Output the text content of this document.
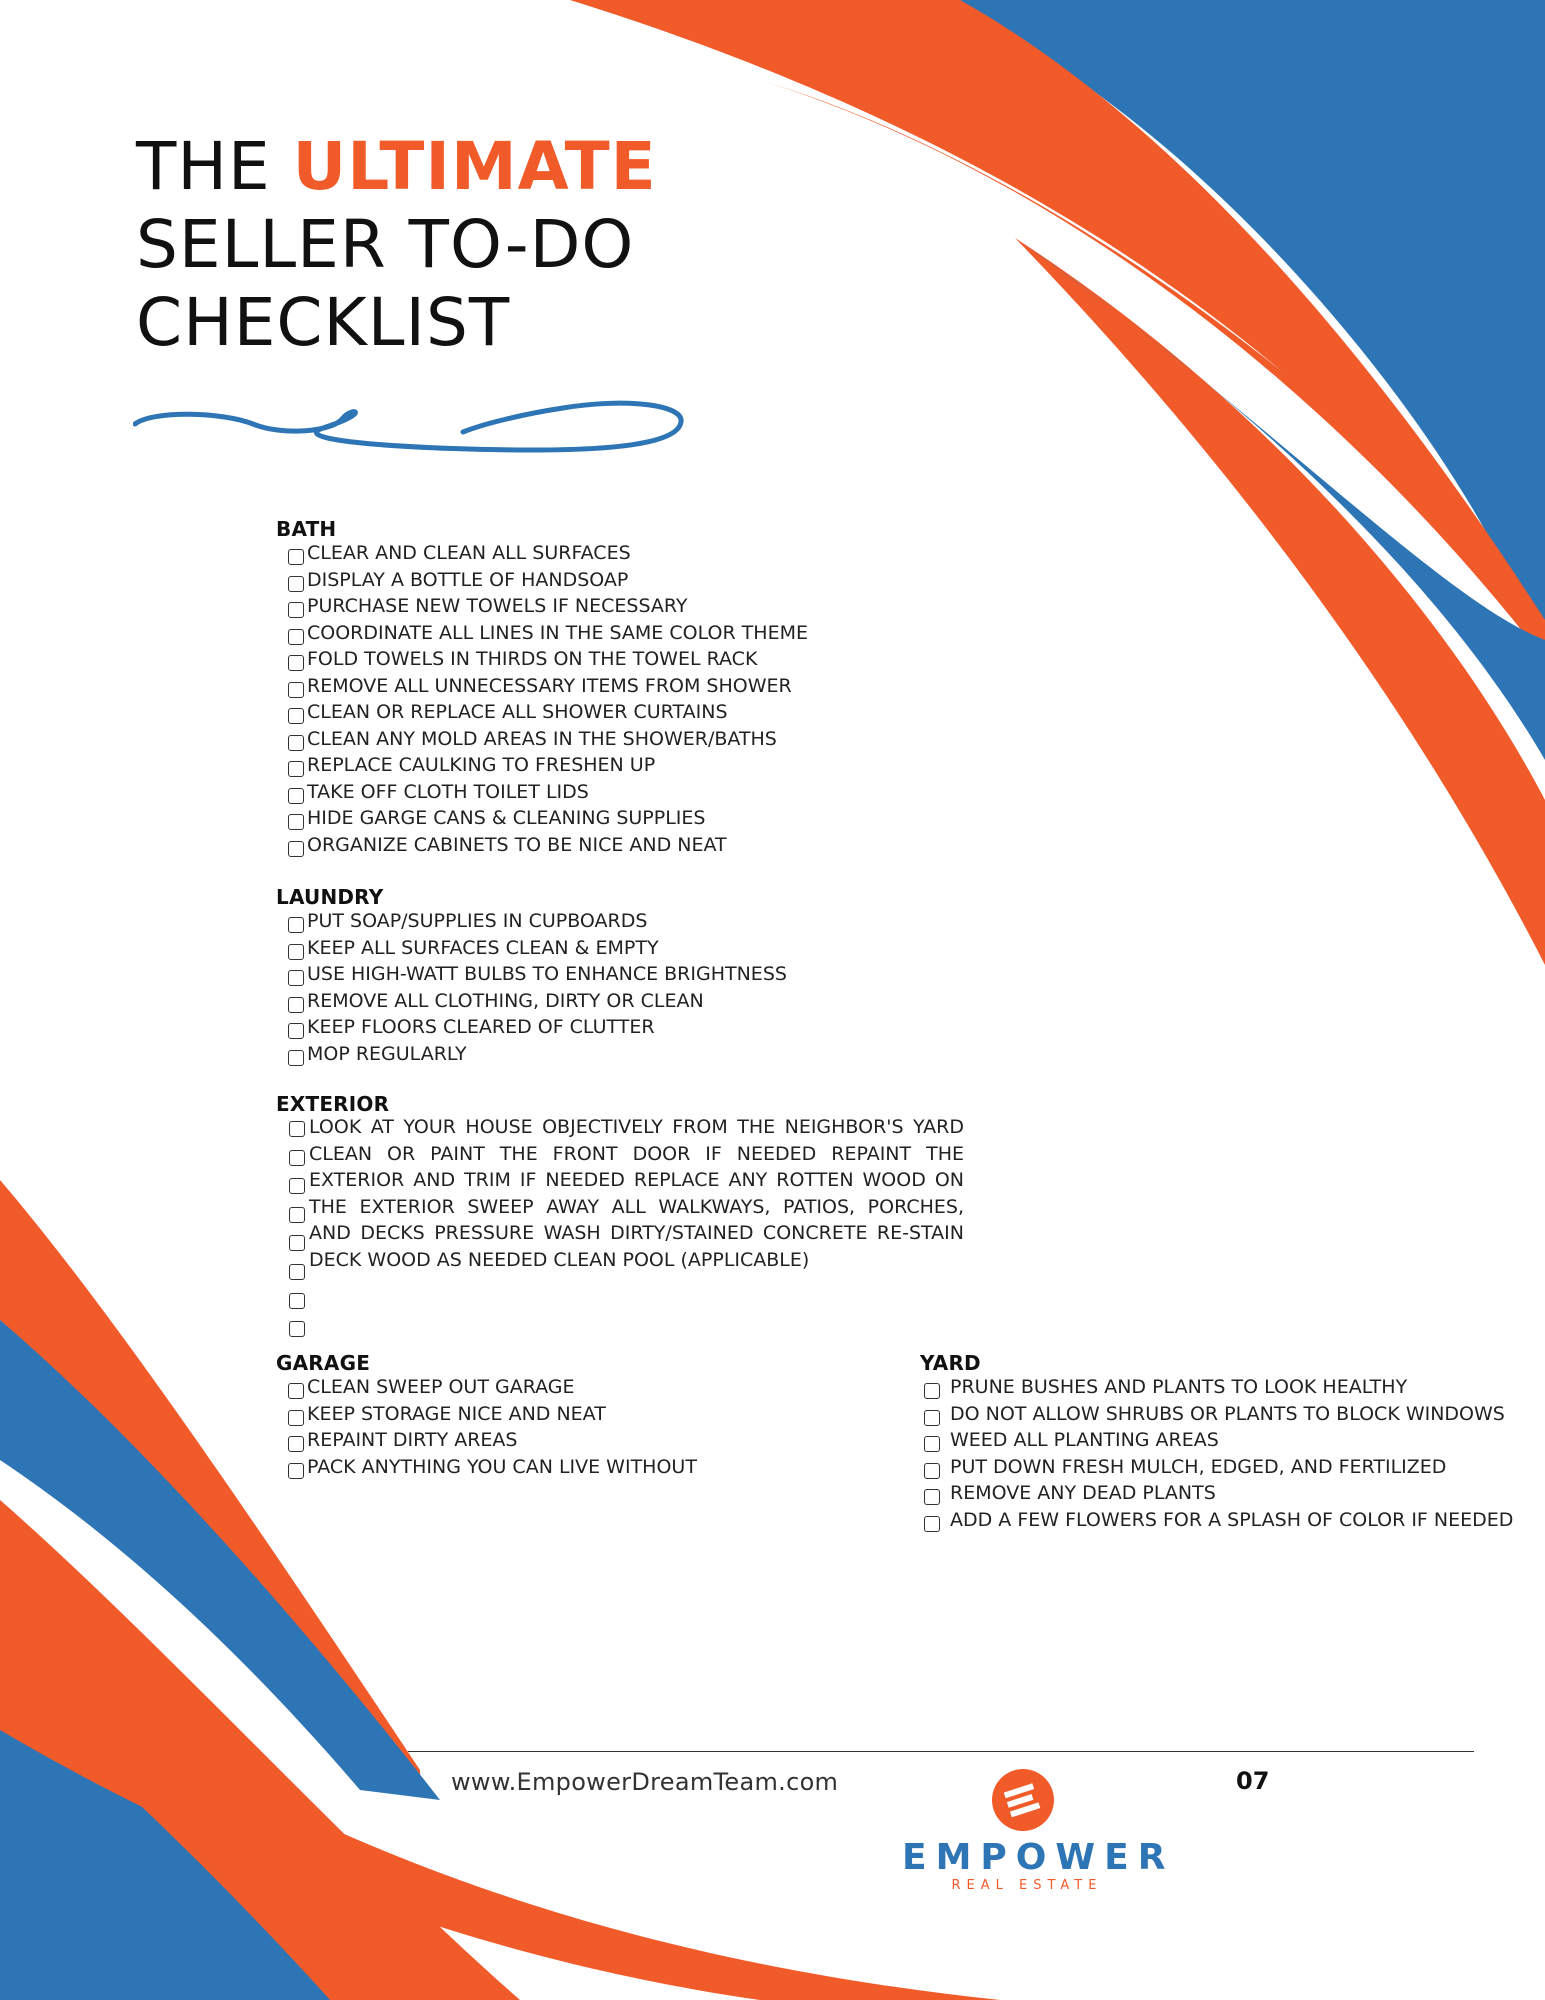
THE ULTIMATE
SELLER TO-DO
CHECKLIST
BATH
CLEAR AND CLEAN ALL SURFACES
DISPLAY A BOTTLE OF HANDSOAP
PURCHASE NEW TOWELS IF NECESSARY
COORDINATE ALL LINES IN THE SAME COLOR THEME
FOLD TOWELS IN THIRDS ON THE TOWEL RACK
REMOVE ALL UNNECESSARY ITEMS FROM SHOWER
CLEAN OR REPLACE ALL SHOWER CURTAINS
CLEAN ANY MOLD AREAS IN THE SHOWER/BATHS
REPLACE CAULKING TO FRESHEN UP
TAKE OFF CLOTH TOILET LIDS
HIDE GARGE CANS & CLEANING SUPPLIES
ORGANIZE CABINETS TO BE NICE AND NEAT
LAUNDRY
PUT SOAP/SUPPLIES IN CUPBOARDS
KEEP ALL SURFACES CLEAN & EMPTY
USE HIGH-WATT BULBS TO ENHANCE BRIGHTNESS
REMOVE ALL CLOTHING, DIRTY OR CLEAN
KEEP FLOORS CLEARED OF CLUTTER
MOP REGULARLY
EXTERIOR
LOOK AT YOUR HOUSE OBJECTIVELY FROM THE NEIGHBOR'S YARD CLEAN OR PAINT THE FRONT DOOR IF NEEDED REPAINT THE EXTERIOR AND TRIM IF NEEDED REPLACE ANY ROTTEN WOOD ON THE EXTERIOR SWEEP AWAY ALL WALKWAYS, PATIOS, PORCHES, AND DECKS PRESSURE WASH DIRTY/STAINED CONCRETE RE-STAIN DECK WOOD AS NEEDED CLEAN POOL (APPLICABLE)
GARAGE
CLEAN SWEEP OUT GARAGE
KEEP STORAGE NICE AND NEAT
REPAINT DIRTY AREAS
PACK ANYTHING YOU CAN LIVE WITHOUT
YARD
PRUNE BUSHES AND PLANTS TO LOOK HEALTHY
DO NOT ALLOW SHRUBS OR PLANTS TO BLOCK WINDOWS
WEED ALL PLANTING AREAS
PUT DOWN FRESH MULCH, EDGED, AND FERTILIZED
REMOVE ANY DEAD PLANTS
ADD A FEW FLOWERS FOR A SPLASH OF COLOR IF NEEDED
www.EmpowerDreamTeam.com	07
EMPOWER
REAL ESTATE
